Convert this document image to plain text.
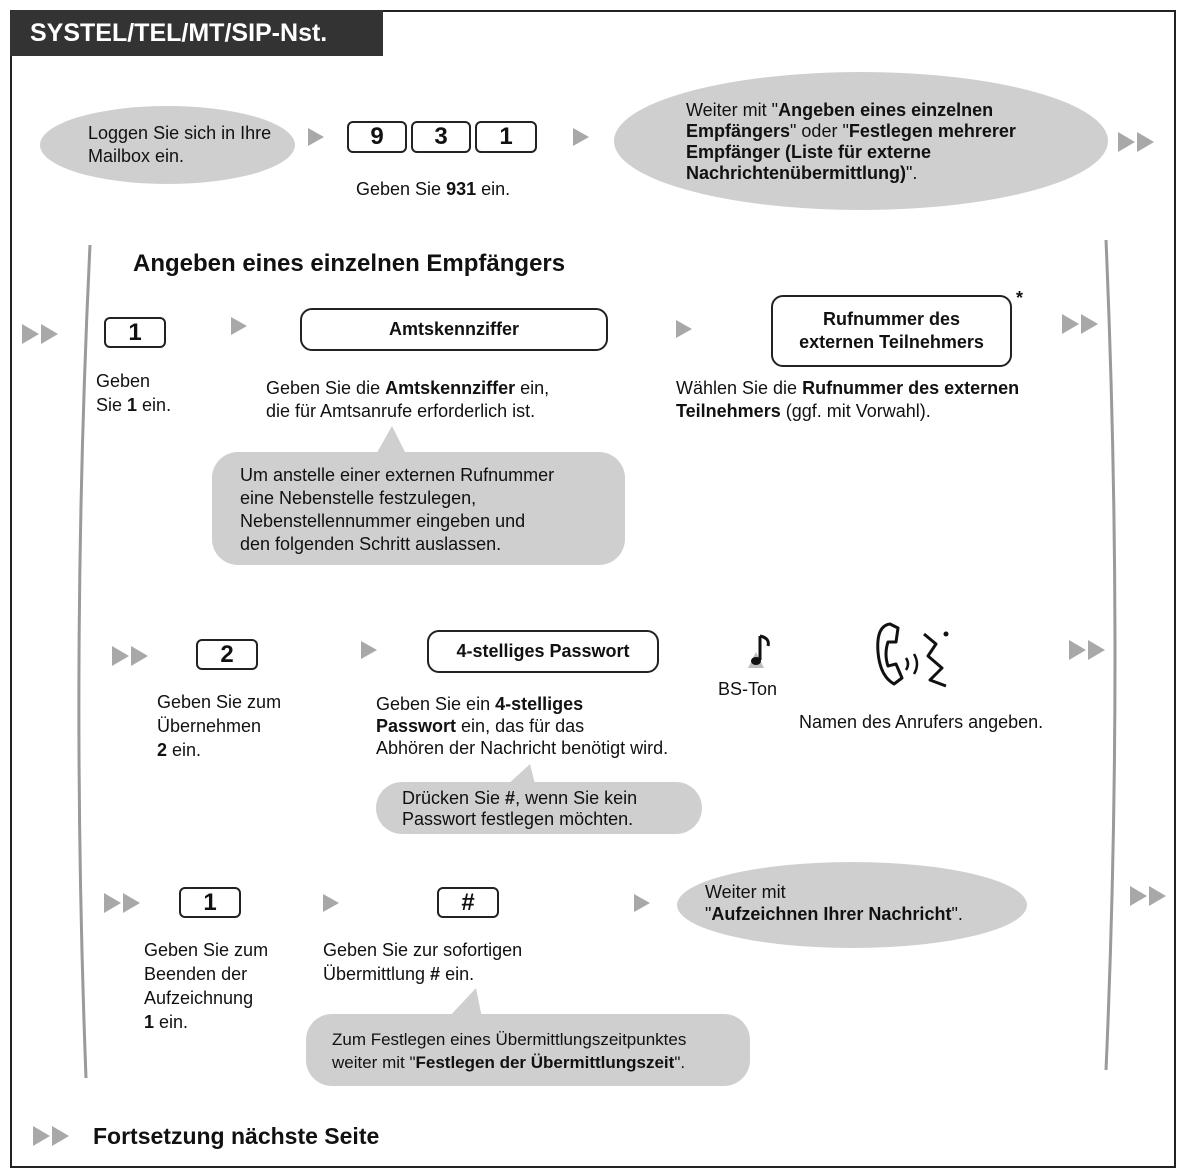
SYSTEL/TEL/MT/SIP-Nst.
Loggen Sie sich in Ihre Mailbox ein.
9	3	1
Geben Sie 931 ein.
Weiter mit "Angeben eines einzelnen Empfängers" oder "Festlegen mehrerer Empfänger (Liste für externe Nachrichtenübermittlung)".
Angeben eines einzelnen Empfängers
1
Geben
Sie 1 ein.
Amtskennziffer
Geben Sie die Amtskennziffer ein,
die für Amtsanrufe erforderlich ist.
Rufnummer des
externen Teilnehmers
*
Wählen Sie die Rufnummer des externen
Teilnehmers (ggf. mit Vorwahl).
Um anstelle einer externen Rufnummer
eine Nebenstelle festzulegen,
Nebenstellennummer eingeben und
den folgenden Schritt auslassen.
2
Geben Sie zum
Übernehmen
2 ein.
4-stelliges Passwort
Geben Sie ein 4-stelliges
Passwort ein, das für das
Abhören der Nachricht benötigt wird.
BS-Ton
Namen des Anrufers angeben.
Drücken Sie #, wenn Sie kein
Passwort festlegen möchten.
1
Geben Sie zum
Beenden der
Aufzeichnung
1 ein.
#
Geben Sie zur sofortigen
Übermittlung # ein.
Weiter mit
"Aufzeichnen Ihrer Nachricht".
Zum Festlegen eines Übermittlungszeitpunktes
weiter mit "Festlegen der Übermittlungszeit".
Fortsetzung nächste Seite
